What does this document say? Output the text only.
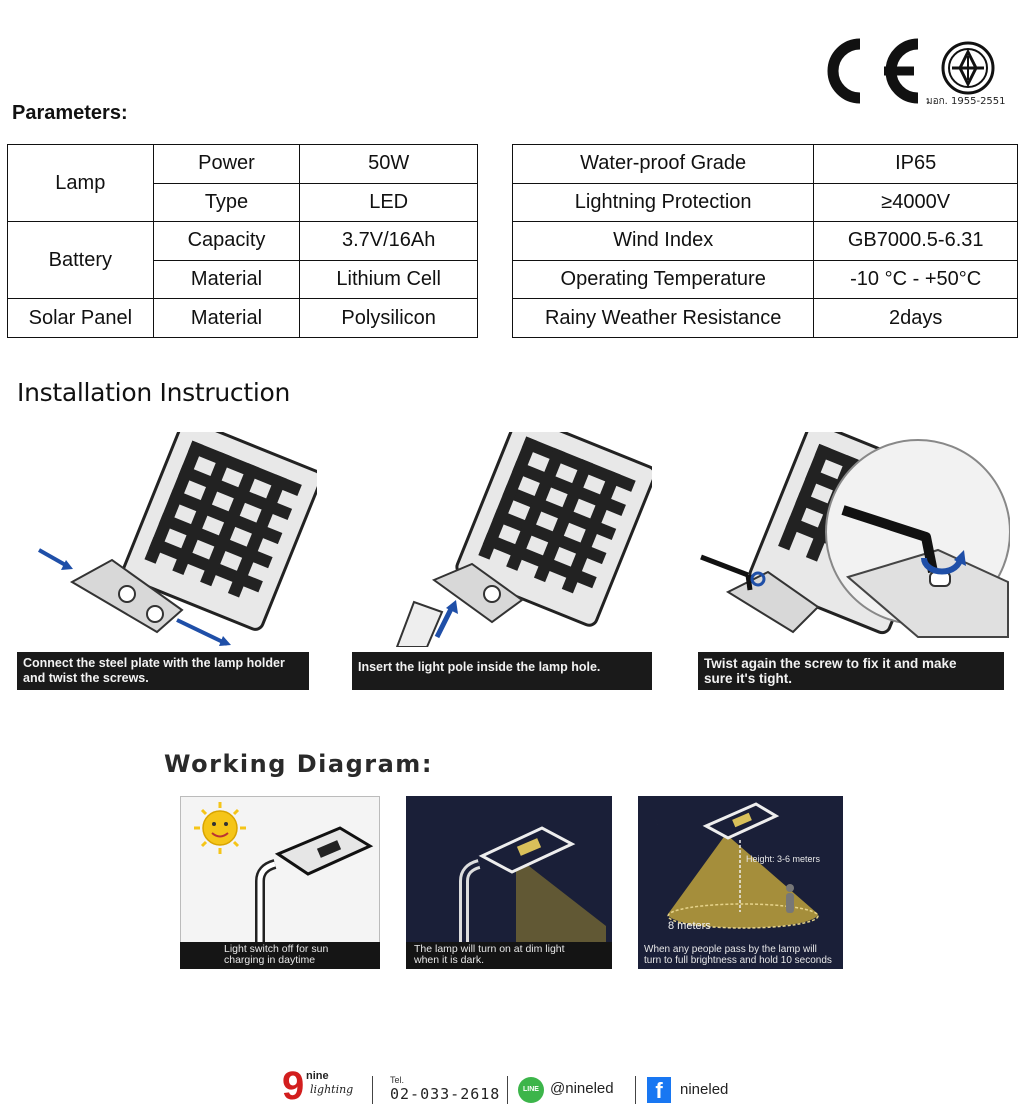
มอก. 1955-2551
Parameters:
Lamp	Power	50W
	Type	LED
Battery	Capacity	3.7V/16Ah
	Material	Lithium Cell
Solar Panel	Material	Polysilicon
Water-proof Grade	IP65
Lightning Protection	≥4000V
Wind Index	GB7000.5-6.31
Operating Temperature	-10 °C - +50°C
Rainy Weather Resistance	2days
Installation Instruction
Connect the steel plate with the lamp holder
and twist the screws.
Insert the light pole inside the lamp hole.	Twist again the screw to fix it and make
sure it's tight.
Working Diagram:
Light switch off for sun
charging in daytime
The lamp will turn on at dim light
when it is dark.
Height: 3-6 meters
8 meters
When any people pass by the lamp will
turn to full brightness and hold 10 seconds
9 nine
lighting
Tel.
02-033-2618	LINE @nineled	f	nineled
